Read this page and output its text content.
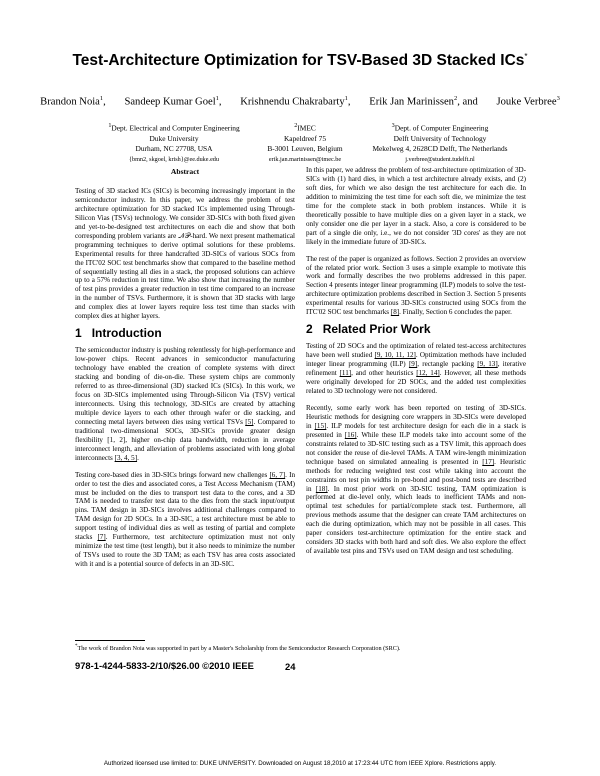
Test-Architecture Optimization for TSV-Based 3D Stacked ICs*
Brandon Noia$^1$, Sandeep Kumar Goel$^1$, Krishnendu Chakrabarty$^1$, Erik Jan Marinissen$^2$, and Jouke Verbree$^3$
$^1$Dept. Electrical and Computer Engineering
Duke University
Durham, NC 27708, USA
{bmn2, skgoel, krish}@ee.duke.edu
$^2$IMEC
Kapeldreef 75
B-3001 Leuven, Belgium
erik.jan.marinissen@imec.be
$^3$Dept. of Computer Engineering
Delft University of Technology
Mekelweg 4, 2628CD Delft, The Netherlands
j.verbree@student.tudelft.nl
Abstract

Testing of 3D stacked ICs (SICs) is becoming increasingly important in the semiconductor industry. In this paper, we address the problem of test architecture optimization for 3D stacked ICs implemented using Through-Silicon Vias (TSVs) technology. We consider 3D-SICs with both fixed given and yet-to-be-designed test architectures on each die and show that both corresponding problem variants are 𝒩𝒫-hard. We next present mathematical programming techniques to derive optimal solutions for these problems. Experimental results for three handcrafted 3D-SICs of various SOCs from the ITC'02 SOC test benchmarks show that compared to the baseline method of sequentially testing all dies in a stack, the proposed solutions can achieve up to a 57% reduction in test time. We also show that increasing the number of test pins provides a greater reduction in test time compared to an increase in the number of TSVs. Furthermore, it is shown that 3D stacks with large and complex dies at lower layers require less test time than stacks with complex dies at higher layers.

1 Introduction

The semiconductor industry is pushing relentlessly for high-performance and low-power chips. Recent advances in semiconductor manufacturing technology have enabled the creation of complete systems with direct stacking and bonding of die-on-die. These system chips are commonly referred to as three-dimensional (3D) stacked ICs (SICs). In this work, we focus on 3D-SICs implemented using Through-Silicon Via (TSV) vertical interconnects. Using this technology, 3D-SICs are created by attaching multiple device layers to each other through wafer or die stacking, and connecting metal layers between dies using vertical TSVs [5]. Compared to traditional two-dimensional SOCs, 3D-SICs provide greater design flexibility [1, 2], higher on-chip data bandwidth, reduction in average interconnect length, and alleviation of problems associated with long global interconnects [3, 4, 5].

Testing core-based dies in 3D-SICs brings forward new challenges [6, 7]. In order to test the dies and associated cores, a Test Access Mechanism (TAM) must be included on the dies to transport test data to the cores, and a 3D TAM is needed to transfer test data to the dies from the stack input/output pins. TAM design in 3D-SICs involves additional challenges compared to TAM design for 2D SOCs. In a 3D-SIC, a test architecture must be able to support testing of individual dies as well as testing of partial and complete stacks [7]. Furthermore, test architecture optimization must not only minimize the test time (test length), but it also needs to minimize the number of TSVs used to route the 3D TAM; as each TSV has area costs associated with it and is a potential source of defects in an 3D-SIC.

In this paper, we address the problem of test-architecture optimization of 3D-SICs with (1) hard dies, in which a test architecture already exists, and (2) soft dies, for which we also design the test architecture for each die. In addition to minimizing the test time for each soft die, we minimize the test time for the complete stack in both problem instances. While it is theoretically possible to have multiple dies on a given layer in a stack, we only consider one die per layer in a stack. Also, a core is considered to be part of a single die only, i.e., we do not consider '3D cores' as they are not likely in the immediate future of 3D-SICs.

The rest of the paper is organized as follows. Section 2 provides an overview of the related prior work. Section 3 uses a simple example to motivate this work and formally describes the two problems addressed in this paper. Section 4 presents integer linear programming (ILP) models to solve the test-architecture optimization problems described in Section 3. Section 5 presents experimental results for various 3D-SICs constructed using SOCs from the ITC'02 SOC test benchmarks [8]. Finally, Section 6 concludes the paper.

2 Related Prior Work

Testing of 2D SOCs and the optimization of related test-access architectures have been well studied [9, 10, 11, 12]. Optimization methods have included integer linear programming (ILP) [9], rectangle packing [9, 13], iterative refinement [11], and other heuristics [12, 14]. However, all these methods were originally developed for 2D SOCs, and the added test complexities related to 3D technology were not considered.

Recently, some early work has been reported on testing of 3D-SICs. Heuristic methods for designing core wrappers in 3D-SICs were developed in [15]. ILP models for test architecture design for each die in a stack is presented in [16]. While these ILP models take into account some of the constraints related to 3D-SIC testing such as a TSV limit, this approach does not consider the reuse of die-level TAMs. A TAM wire-length minimization technique based on simulated annealing is presented in [17]. Heuristic methods for reducing weighted test cost while taking into account the constraints on test pin widths in pre-bond and post-bond tests are described in [18]. In most prior work on 3D-SIC testing, TAM optimization is performed at die-level only, which leads to inefficient TAMs and non-optimal test schedules for partial/complete stack test. Furthermore, all previous methods assume that the designer can create TAM architectures on each die during optimization, which may not be possible in all cases. This paper considers test-architecture optimization for the entire stack and considers 3D stacks with both hard and soft dies. We also explore the effect of available test pins and TSVs used on TAM design and test scheduling.

*The work of Brandon Noia was supported in part by a Master's Scholarship from the Semiconductor Research Corporation (SRC).
978-1-4244-5833-2/10/$26.00 ©2010 IEEE	24
Authorized licensed use limited to: DUKE UNIVERSITY. Downloaded on August 18,2010 at 17:23:44 UTC from IEEE Xplore. Restrictions apply.
